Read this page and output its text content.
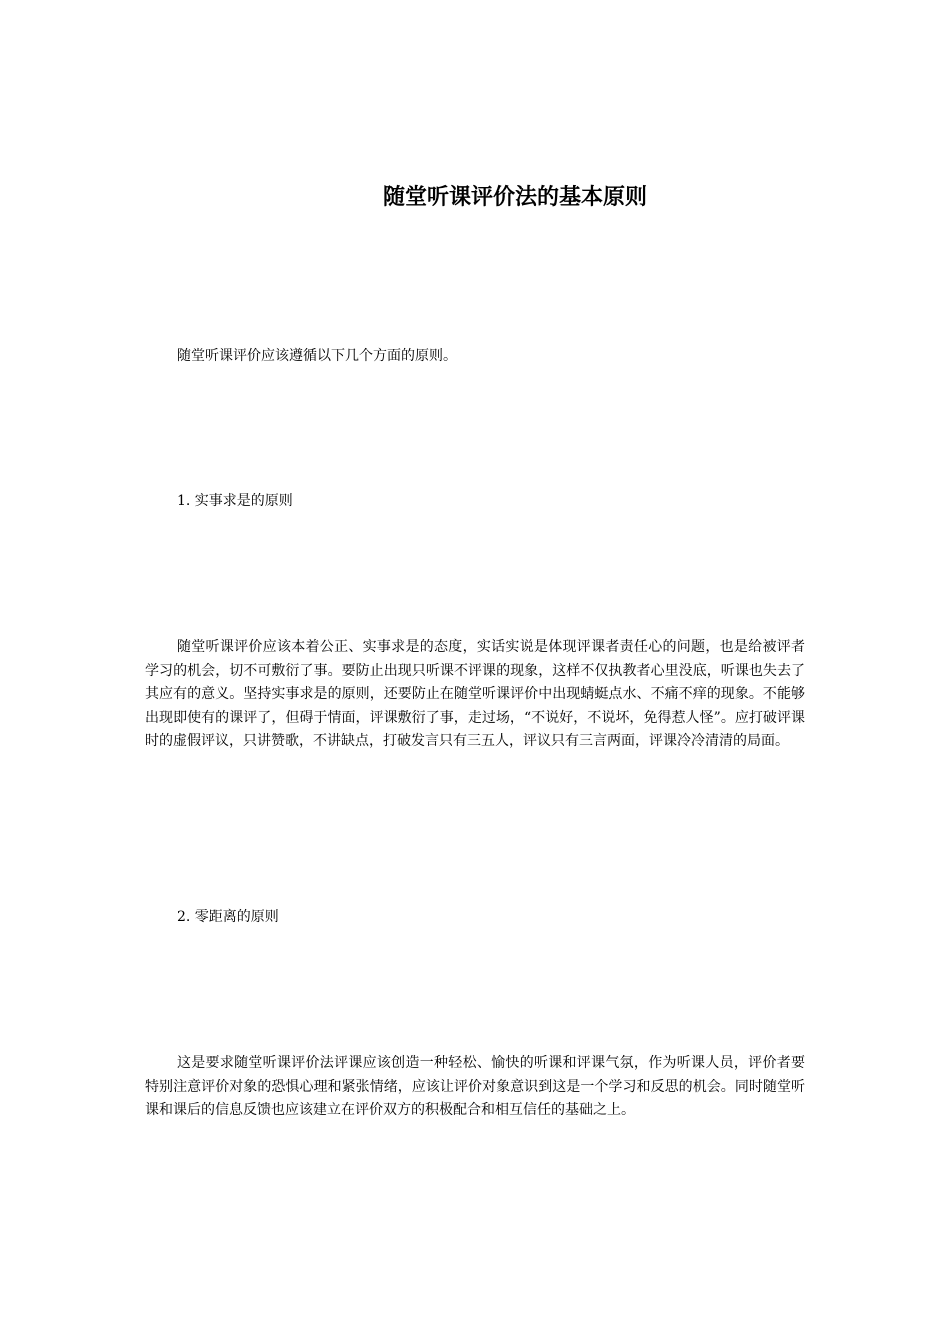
随堂听课评价法的基本原则

随堂听课评价应该遵循以下几个方面的原则。

1. 实事求是的原则

随堂听课评价应该本着公正、实事求是的态度，实话实说是体现评课者责任心的问题，也是给被评者学习的机会，切不可敷衍了事。要防止出现只听课不评课的现象，这样不仅执教者心里没底，听课也失去了其应有的意义。坚持实事求是的原则，还要防止在随堂听课评价中出现蜻蜓点水、不痛不痒的现象。不能够出现即使有的课评了，但碍于情面，评课敷衍了事，走过场，“不说好，不说坏，免得惹人怪”。应打破评课时的虚假评议，只讲赞歌，不讲缺点，打破发言只有三五人，评议只有三言两面，评课冷冷清清的局面。

2. 零距离的原则

这是要求随堂听课评价法评课应该创造一种轻松、愉快的听课和评课气氛，作为听课人员，评价者要特别注意评价对象的恐惧心理和紧张情绪，应该让评价对象意识到这是一个学习和反思的机会。同时随堂听课和课后的信息反馈也应该建立在评价双方的积极配合和相互信任的基础之上。
